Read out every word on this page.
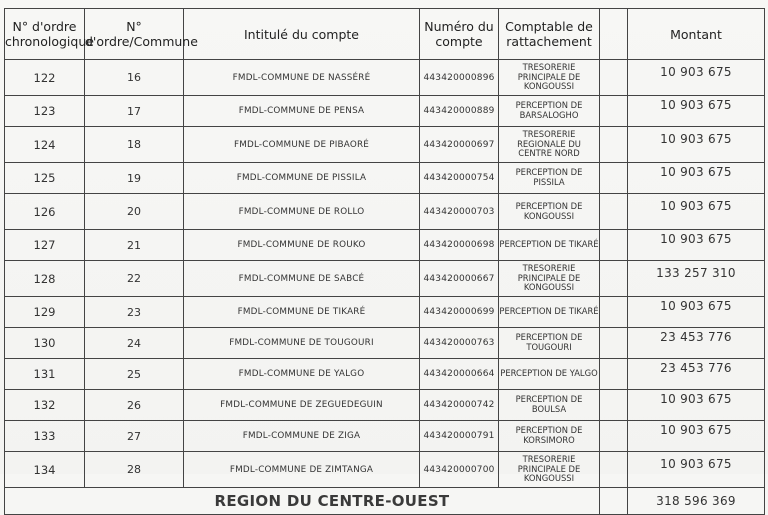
N° d'ordre chronologique	N° d'ordre/Commune	Intitulé du compte	Numéro du compte	Comptable de rattachement		Montant
122	16	FMDL-COMMUNE DE NASSÉRÉ	443420000896	TRESORERIE PRINCIPALE DE KONGOUSSI		10 903 675
123	17	FMDL-COMMUNE DE PENSA	443420000889	PERCEPTION DE BARSALOGHO		10 903 675
124	18	FMDL-COMMUNE DE PIBAORÉ	443420000697	TRESORERIE REGIONALE DU CENTRE NORD		10 903 675
125	19	FMDL-COMMUNE DE PISSILA	443420000754	PERCEPTION DE PISSILA		10 903 675
126	20	FMDL-COMMUNE DE ROLLO	443420000703	PERCEPTION DE KONGOUSSI		10 903 675
127	21	FMDL-COMMUNE DE ROUKO	443420000698	PERCEPTION DE TIKARÉ		10 903 675
128	22	FMDL-COMMUNE DE SABCÉ	443420000667	TRESORERIE PRINCIPALE DE KONGOUSSI		133 257 310
129	23	FMDL-COMMUNE DE TIKARÉ	443420000699	PERCEPTION DE TIKARÉ		10 903 675
130	24	FMDL-COMMUNE DE TOUGOURI	443420000763	PERCEPTION DE TOUGOURI		23 453 776
131	25	FMDL-COMMUNE DE YALGO	443420000664	PERCEPTION DE YALGO		23 453 776
132	26	FMDL-COMMUNE DE ZEGUEDEGUIN	443420000742	PERCEPTION DE BOULSA		10 903 675
133	27	FMDL-COMMUNE DE ZIGA	443420000791	PERCEPTION DE KORSIMORO		10 903 675
134	28	FMDL-COMMUNE DE ZIMTANGA	443420000700	TRESORERIE PRINCIPALE DE KONGOUSSI		10 903 675
REGION DU CENTRE-OUEST						318 596 369
